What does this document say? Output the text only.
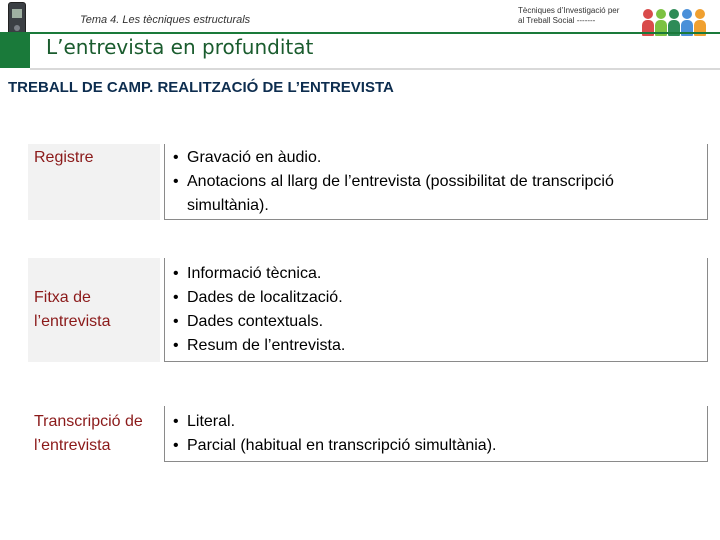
Tema 4. Les tècniques estructurals
Tècniques d’Investigació per
al Treball Social -------
L’entrevista en profunditat
TREBALL DE CAMP. REALITZACIÓ DE L’ENTREVISTA
Registre
•	Gravació en àudio.
• Anotacions al llarg de l’entrevista (possibilitat de transcripció simultània).
Fitxa de l’entrevista
• Informació tècnica.
• Dades de localització.
• Dades contextuals.
• Resum de l’entrevista.
Transcripció de l’entrevista
• Literal.
• Parcial (habitual en transcripció simultània).
